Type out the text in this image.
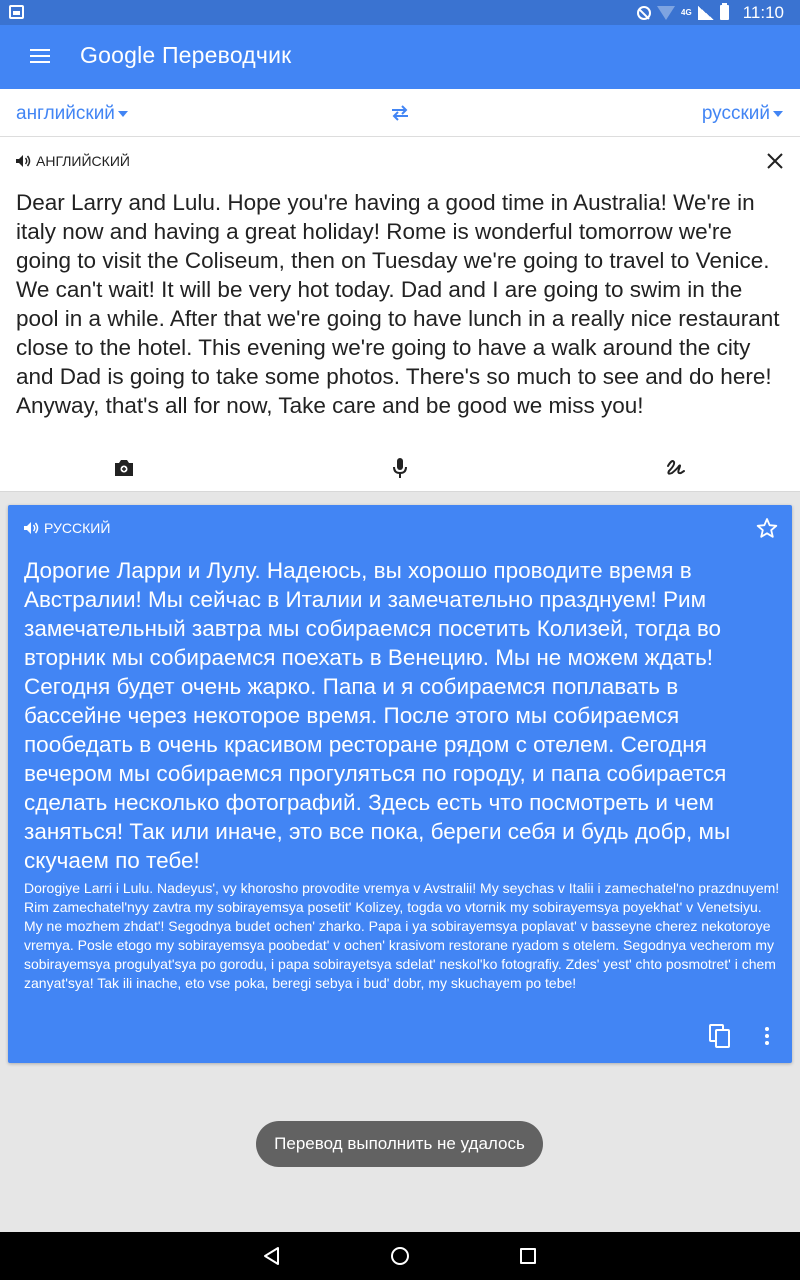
4G	11:10
Google Переводчик
английский	русский
АНГЛИЙСКИЙ
Dear Larry and Lulu. Hope you're having a good time in Australia! We're in italy now and having a great holiday! Rome is wonderful tomorrow we're going to visit the Coliseum, then on Tuesday we're going to travel to Venice. We can't wait! It will be very hot today. Dad and I are going to swim in the pool in a while. After that we're going to have lunch in a really nice restaurant close to the hotel. This evening we're going to have a walk around the city and Dad is going to take some photos. There's so much to see and do here! Anyway, that's all for now, Take care and be good we miss you!
РУССКИЙ
Дорогие Ларри и Лулу. Надеюсь, вы хорошо проводите время в Австралии! Мы сейчас в Италии и замечательно празднуем! Рим замечательный завтра мы собираемся посетить Колизей, тогда во вторник мы собираемся поехать в Венецию. Мы не можем ждать! Сегодня будет очень жарко. Папа и я собираемся поплавать в бассейне через некоторое время. После этого мы собираемся пообедать в очень красивом ресторане рядом с отелем. Сегодня вечером мы собираемся прогуляться по городу, и папа собирается сделать несколько фотографий. Здесь есть что посмотреть и чем заняться! Так или иначе, это все пока, береги себя и будь добр, мы скучаем по тебе!
Dorogiye Larri i Lulu. Nadeyus', vy khorosho provodite vremya v Avstralii! My seychas v Italii i zamechatel'no prazdnuyem! Rim zamechatel'nyy zavtra my sobirayemsya posetit' Kolizey, togda vo vtornik my sobirayemsya poyekhat' v Venetsiyu. My ne mozhem zhdat'! Segodnya budet ochen' zharko. Papa i ya sobirayemsya poplavat' v basseyne cherez nekotoroye vremya. Posle etogo my sobirayemsya poobedat' v ochen' krasivom restorane ryadom s otelem. Segodnya vecherom my sobirayemsya progulyat'sya po gorodu, i papa sobirayetsya sdelat' neskol'ko fotografiy. Zdes' yest' chto posmotret' i chem zanyat'sya! Tak ili inache, eto vse poka, beregi sebya i bud' dobr, my skuchayem po tebe!
Перевод выполнить не удалось
